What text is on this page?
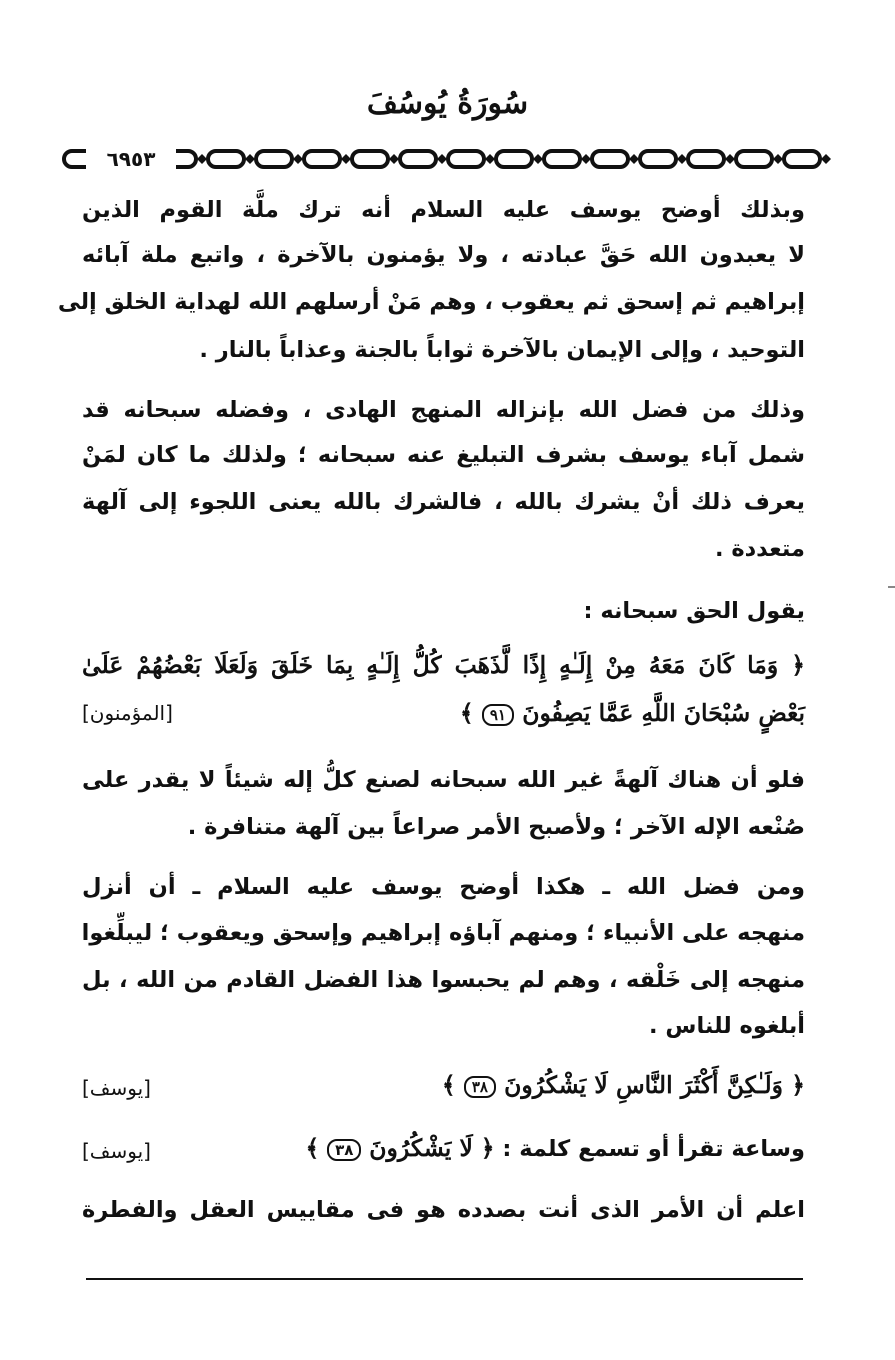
سُورَةُ يُوسُفَ
٦٩٥٣
وبذلك أوضح يوسف عليه السلام أنه ترك ملَّة القوم الذين
لا يعبدون الله حَقَّ عبادته ، ولا يؤمنون بالآخرة ، واتبع ملة آبائه
إبراهيم ثم إسحق ثم يعقوب ، وهم مَنْ أرسلهم الله لهداية الخلق إلى
التوحيد ، وإلى الإيمان بالآخرة ثواباً بالجنة وعذاباً بالنار .
وذلك من فضل الله بإنزاله المنهج الهادى ، وفضله سبحانه قد
شمل آباء يوسف بشرف التبليغ عنه سبحانه ؛ ولذلك ما كان لمَنْ
يعرف ذلك أنْ يشرك بالله ، فالشرك بالله يعنى اللجوء إلى آلهة
متعددة .
يقول الحق سبحانه :
﴿ وَمَا كَانَ مَعَهُ مِنْ إِلَـٰهٍ إِذًا لَّذَهَبَ كُلُّ إِلَـٰهٍ بِمَا خَلَقَ وَلَعَلَا بَعْضُهُمْ عَلَىٰ
بَعْضٍ سُبْحَانَ اللَّهِ عَمَّا يَصِفُونَ ٩١ ﴾
[المؤمنون]
فلو أن هناك آلهةً غير الله سبحانه لصنع كلُّ إله شيئاً لا يقدر على
صُنْعه الإله الآخر ؛ ولأصبح الأمر صراعاً بين آلهة متنافرة .
ومن فضل الله ـ هكذا أوضح يوسف عليه السلام ـ أن أنزل
منهجه على الأنبياء ؛ ومنهم آباؤه إبراهيم وإسحق ويعقوب ؛ ليبلِّغوا
منهجه إلى خَلْقه ، وهم لم يحبسوا هذا الفضل القادم من الله ، بل
أبلغوه للناس .
﴿ وَلَـٰكِنَّ أَكْثَرَ النَّاسِ لَا يَشْكُرُونَ ٣٨ ﴾
[يوسف]
وساعة تقرأ أو تسمع كلمة : ﴿ لَا يَشْكُرُونَ ٣٨ ﴾
[يوسف]
اعلم أن الأمر الذى أنت بصدده هو فى مقاييس العقل والفطرة
